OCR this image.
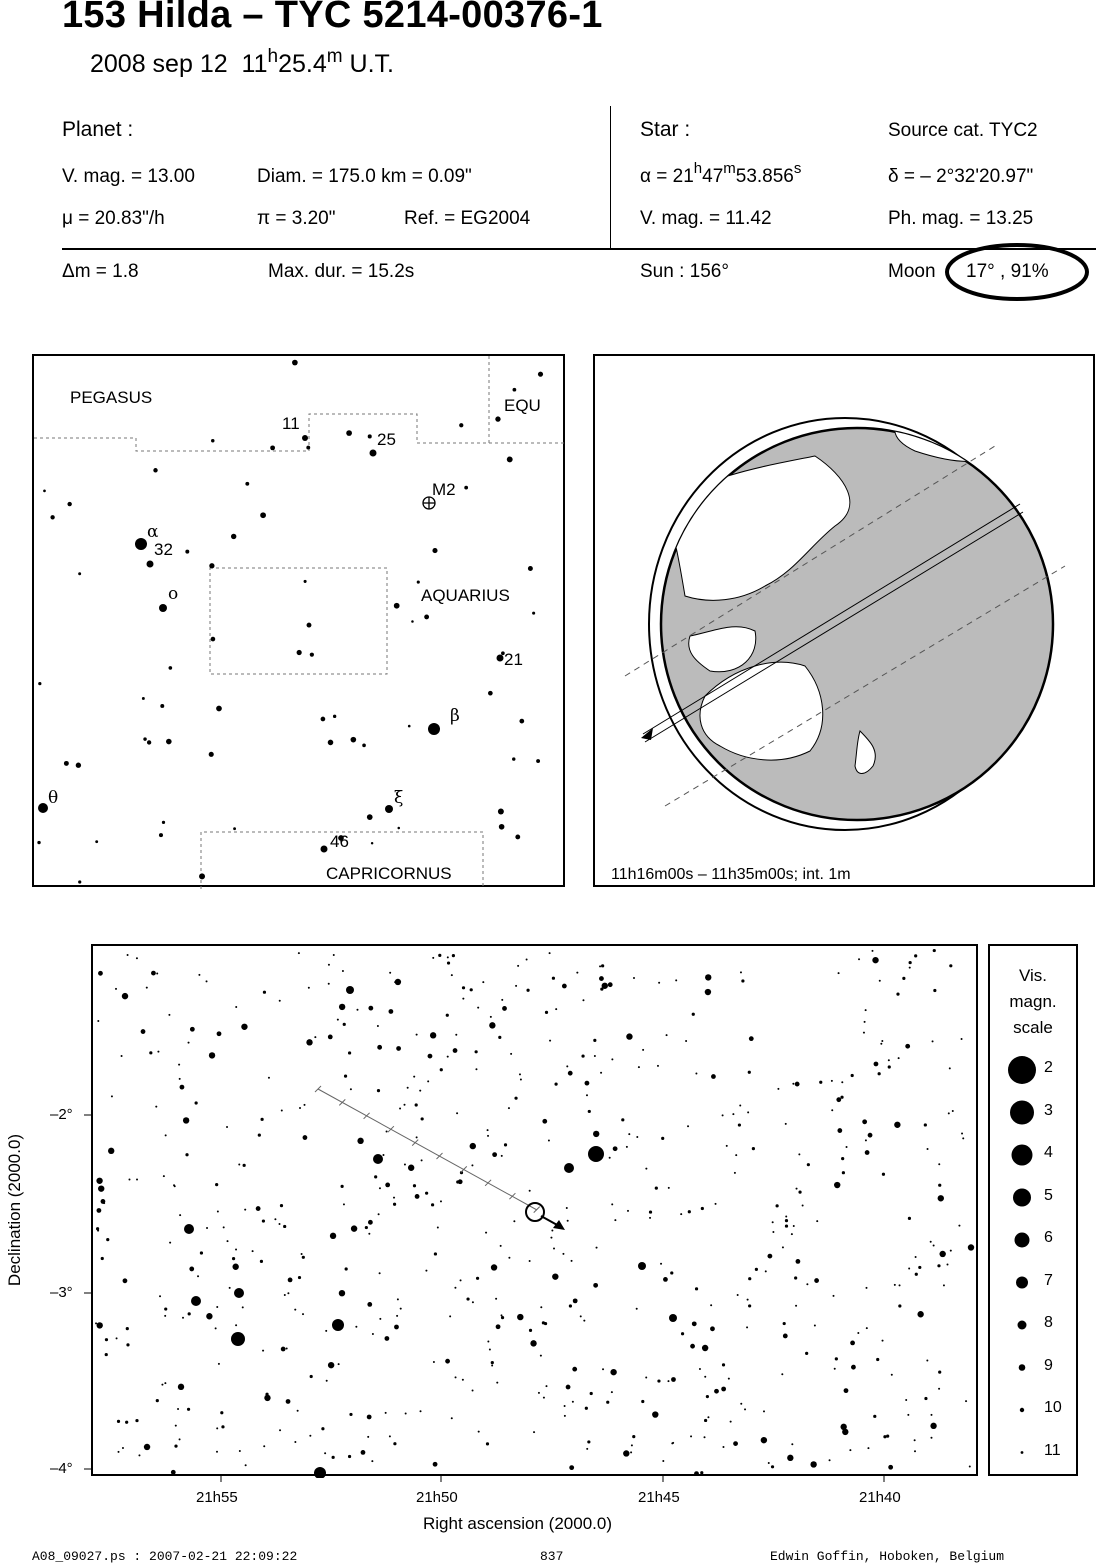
153 Hilda – TYC 5214-00376-1
2008 sep 12 11$^h$25.4$^m$ U.T.
Planet :
V. mag. = 13.00	Diam. = 175.0 km = 0.09"
μ = 20.83"/h	π = 3.20"	Ref. = EG2004
Star :	Source cat. TYC2
$\alpha = 21^h47^m53.856^s$	δ = – 2°32'20.97"
V. mag. = 11.42	Ph. mag. = 13.25
Δm = 1.8	Max. dur. = 15.2s	Sun : 156°	Moon 17° , 91%
PEGASUS	EQU
AQUARIUS
CAPRICORNUS
11
25
M2
α
32
ο
21
β
θ	ξ
46
11h16m00s – 11h35m00s; int. 1m
–2°
–3°
–4°
21h55	21h50	21h45	21h40
Right ascension (2000.0)
Declination (2000.0)
Vis.
magn.
scale
2
3
4
5
6
7
8
9
10
11
A08_09027.ps : 2007-02-21 22:09:22	837	Edwin Goffin, Hoboken, Belgium
